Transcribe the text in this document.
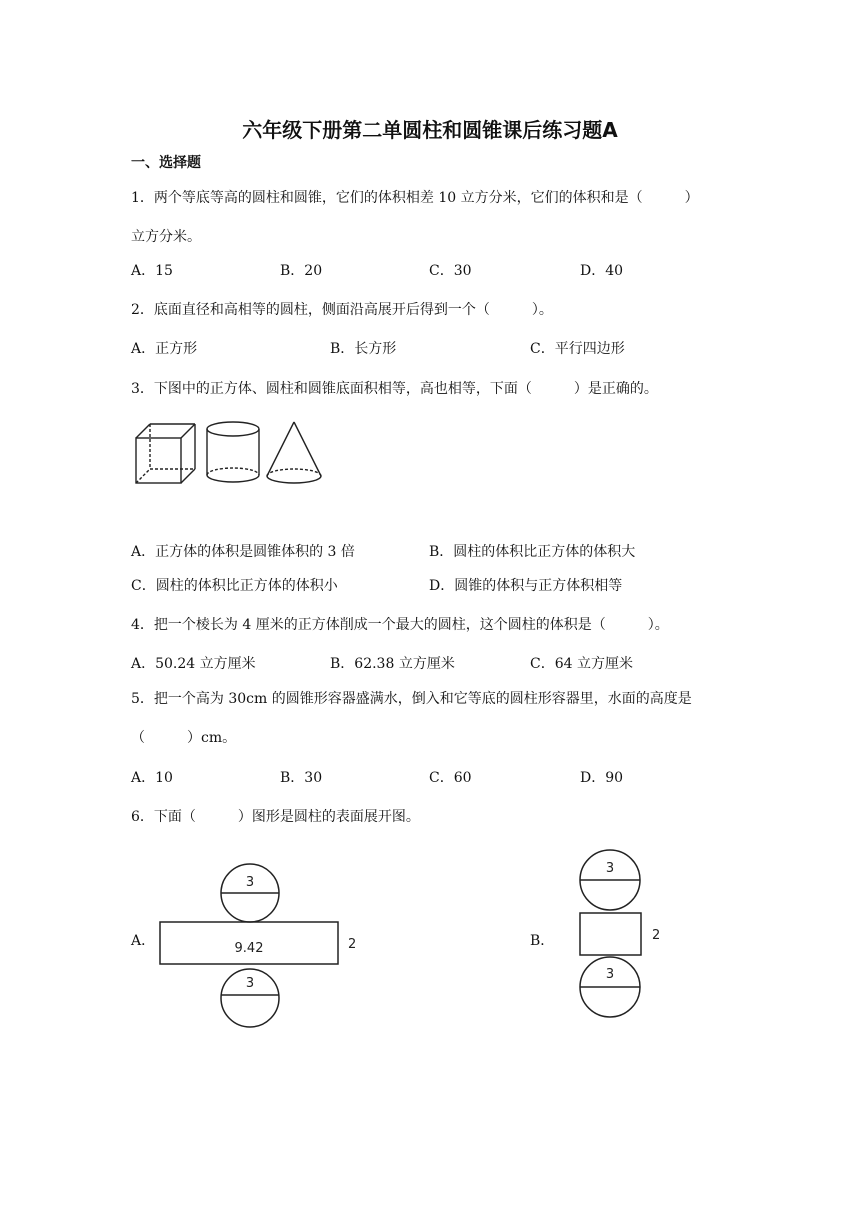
六年级下册第二单圆柱和圆锥课后练习题A
一、选择题
1．两个等底等高的圆柱和圆锥，它们的体积相差 10 立方分米，它们的体积和是（　　　）
立方分米。
A．15	B．20	C．30	D．40
2．底面直径和高相等的圆柱，侧面沿高展开后得到一个（　　　）。
A．正方形	B．长方形	C．平行四边形
3．下图中的正方体、圆柱和圆锥底面积相等，高也相等，下面（　　　）是正确的。
A．正方体的体积是圆锥体积的 3 倍	B．圆柱的体积比正方体的体积大
C．圆柱的体积比正方体的体积小	D．圆锥的体积与正方体积相等
4．把一个棱长为 4 厘米的正方体削成一个最大的圆柱，这个圆柱的体积是（　　　）。
A．50.24 立方厘米	B．62.38 立方厘米	C．64 立方厘米
5．把一个高为 30cm 的圆锥形容器盛满水，倒入和它等底的圆柱形容器里，水面的高度是
（　　　）cm。
A．10	B．30	C．60	D．90
6．下面（　　　）图形是圆柱的表面展开图。
A．
3
9.42	2
3
B．
3
2
3
